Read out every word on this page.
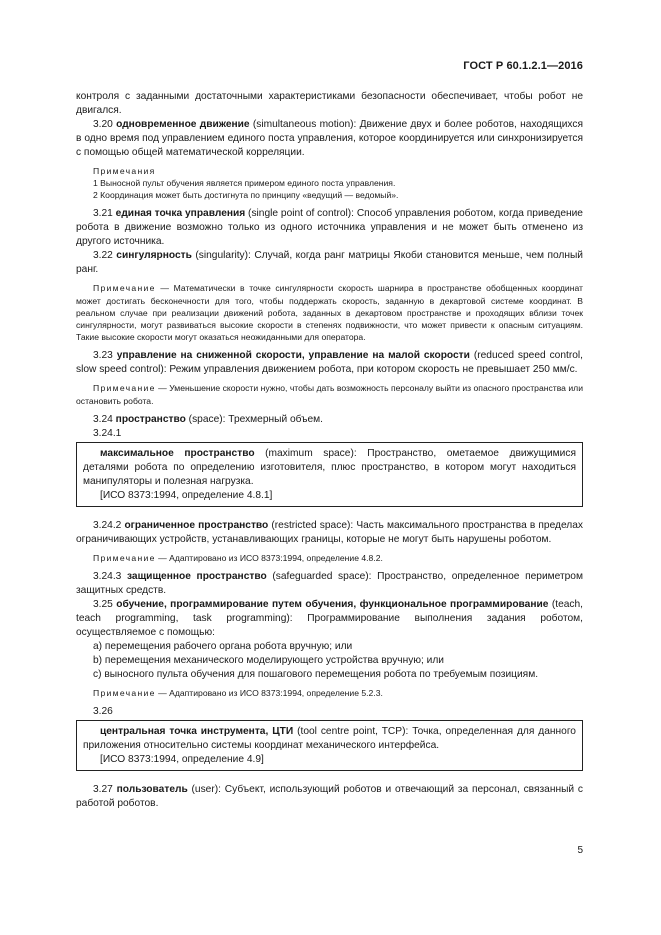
ГОСТ Р 60.1.2.1—2016

контроля с заданными достаточными характеристиками безопасности обеспечивает, чтобы робот не двигался.

3.20 одновременное движение (simultaneous motion): Движение двух и более роботов, находящихся в одно время под управлением единого поста управления, которое координируется или синхронизируется с помощью общей математической корреляции.

Примечания

1 Выносной пульт обучения является примером единого поста управления.

2 Координация может быть достигнута по принципу «ведущий — ведомый».

3.21 единая точка управления (single point of control): Способ управления роботом, когда приведение робота в движение возможно только из одного источника управления и не может быть отменено из другого источника.

3.22 сингулярность (singularity): Случай, когда ранг матрицы Якоби становится меньше, чем полный ранг.

Примечание — Математически в точке сингулярности скорость шарнира в пространстве обобщенных координат может достигать бесконечности для того, чтобы поддержать скорость, заданную в декартовой системе координат. В реальном случае при реализации движений робота, заданных в декартовом пространстве и проходящих вблизи точек сингулярности, могут развиваться высокие скорости в степенях подвижности, что может привести к опасным ситуациям. Такие высокие скорости могут оказаться неожиданными для оператора.

3.23 управление на сниженной скорости, управление на малой скорости (reduced speed control, slow speed control): Режим управления движением робота, при котором скорость не превышает 250 мм/с.

Примечание — Уменьшение скорости нужно, чтобы дать возможность персоналу выйти из опасного пространства или остановить робота.

3.24 пространство (space): Трехмерный объем.

3.24.1

максимальное пространство (maximum space): Пространство, ометаемое движущимися деталями робота по определению изготовителя, плюс пространство, в котором могут находиться манипуляторы и полезная нагрузка.

[ИСО 8373:1994, определение 4.8.1]

3.24.2 ограниченное пространство (restricted space): Часть максимального пространства в пределах ограничивающих устройств, устанавливающих границы, которые не могут быть нарушены роботом.

Примечание — Адаптировано из ИСО 8373:1994, определение 4.8.2.

3.24.3 защищенное пространство (safeguarded space): Пространство, определенное периметром защитных средств.

3.25 обучение, программирование путем обучения, функциональное программирование (teach, teach programming, task programming): Программирование выполнения задания роботом, осуществляемое с помощью:

a) перемещения рабочего органа робота вручную; или

b) перемещения механического моделирующего устройства вручную; или

c) выносного пульта обучения для пошагового перемещения робота по требуемым позициям.

Примечание — Адаптировано из ИСО 8373:1994, определение 5.2.3.

3.26

центральная точка инструмента, ЦТИ (tool centre point, TCP): Точка, определенная для данного приложения относительно системы координат механического интерфейса.

[ИСО 8373:1994, определение 4.9]

3.27 пользователь (user): Субъект, использующий роботов и отвечающий за персонал, связанный с работой роботов.

5
